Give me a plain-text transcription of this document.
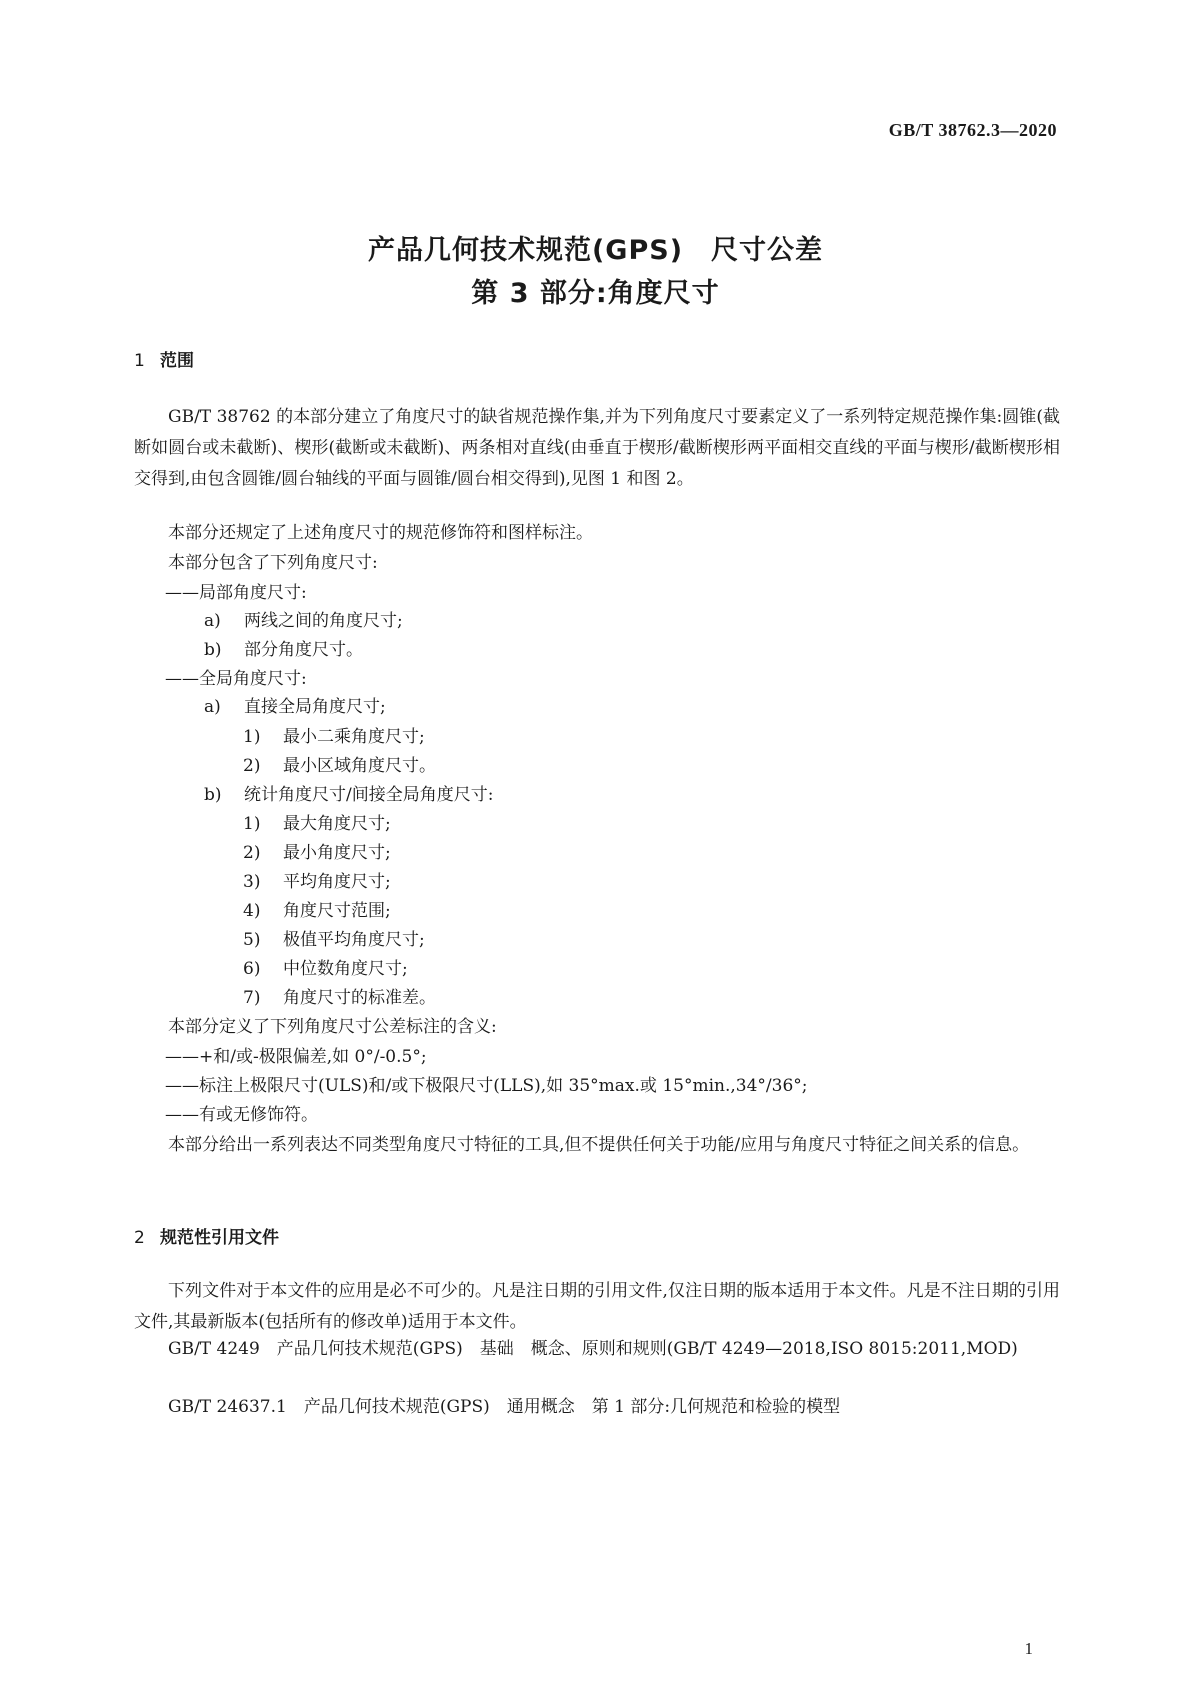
GB/T 38762.3—2020
产品几何技术规范(GPS)　尺寸公差
第 3 部分:角度尺寸
1 范围

GB/T 38762 的本部分建立了角度尺寸的缺省规范操作集,并为下列角度尺寸要素定义了一系列特定规范操作集:圆锥(截断如圆台或未截断)、楔形(截断或未截断)、两条相对直线(由垂直于楔形/截断楔形两平面相交直线的平面与楔形/截断楔形相交得到,由包含圆锥/圆台轴线的平面与圆锥/圆台相交得到),见图 1 和图 2。

本部分还规定了上述角度尺寸的规范修饰符和图样标注。

本部分包含了下列角度尺寸:

——局部角度尺寸:
a) 两线之间的角度尺寸;
b) 部分角度尺寸。
——全局角度尺寸:
a) 直接全局角度尺寸;
1) 最小二乘角度尺寸;
2) 最小区域角度尺寸。
b) 统计角度尺寸/间接全局角度尺寸:
1) 最大角度尺寸;
2) 最小角度尺寸;
3) 平均角度尺寸;
4) 角度尺寸范围;
5) 极值平均角度尺寸;
6) 中位数角度尺寸;
7) 角度尺寸的标准差。

本部分定义了下列角度尺寸公差标注的含义:

——+和/或-极限偏差,如 0°/-0.5°;
——标注上极限尺寸(ULS)和/或下极限尺寸(LLS),如 35°max.或 15°min.,34°/36°;
——有或无修饰符。

本部分给出一系列表达不同类型角度尺寸特征的工具,但不提供任何关于功能/应用与角度尺寸特征之间关系的信息。

2 规范性引用文件

下列文件对于本文件的应用是必不可少的。凡是注日期的引用文件,仅注日期的版本适用于本文件。凡是不注日期的引用文件,其最新版本(包括所有的修改单)适用于本文件。

GB/T 4249　产品几何技术规范(GPS)　基础　概念、原则和规则(GB/T 4249—2018,ISO 8015:2011,MOD)

GB/T 24637.1　产品几何技术规范(GPS)　通用概念　第 1 部分:几何规范和检验的模型

1
